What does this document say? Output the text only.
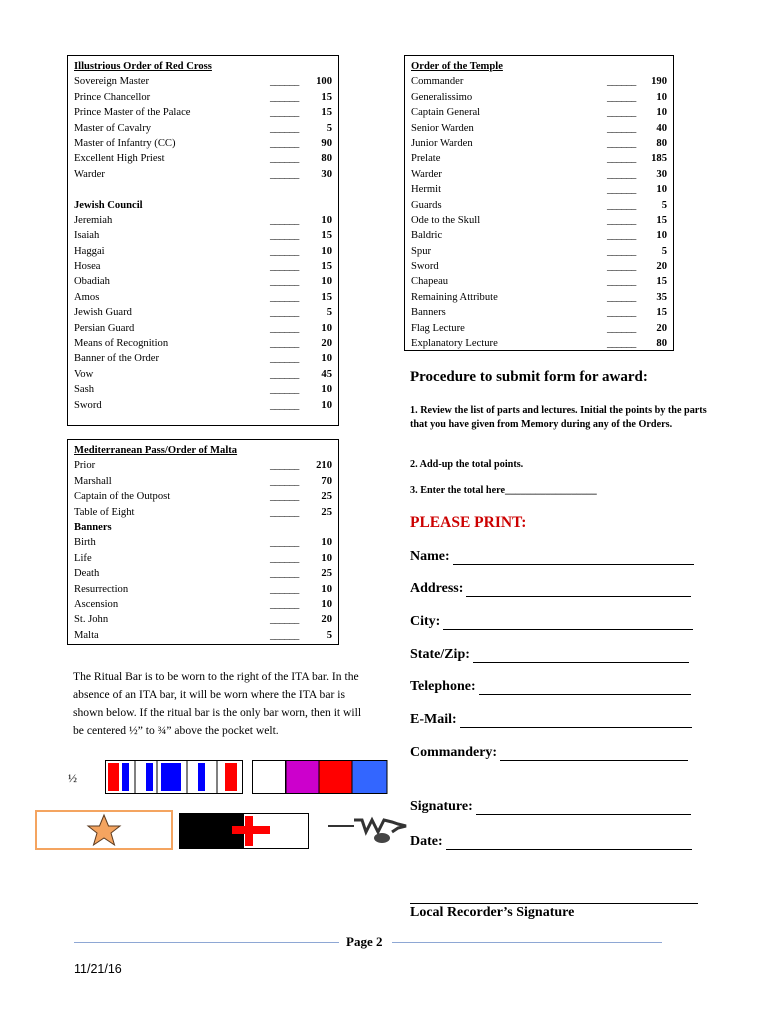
Illustrious Order of Red Cross
Sovereign Master	______	100
Prince Chancellor	______	15
Prince Master of the Palace	______	15
Master of Cavalry	______	5
Master of Infantry (CC)	______	90
Excellent High Priest	______	80
Warder	______	30
Jewish Council
Jeremiah	______	10
Isaiah	______	15
Haggai	______	10
Hosea	______	15
Obadiah	______	10
Amos	______	15
Jewish Guard	______	5
Persian Guard	______	10
Means of Recognition	______	20
Banner of the Order	______	10
Vow	______	45
Sash	______	10
Sword	______	10
Mediterranean Pass/Order of Malta
Prior	______	210
Marshall	______	70
Captain of the Outpost	______	25
Table of Eight	______	25
Banners
Birth	______	10
Life	______	10
Death	______	25
Resurrection	______	10
Ascension	______	10
St. John	______	20
Malta	______	5
Order of the Temple
Commander	______	190
Generalissimo	______	10
Captain General	______	10
Senior Warden	______	40
Junior Warden	______	80
Prelate	______	185
Warder	______	30
Hermit	______	10
Guards	______	5
Ode to the Skull	______	15
Baldric	______	10
Spur	______	5
Sword	______	20
Chapeau	______	15
Remaining Attribute	______	35
Banners	______	15
Flag Lecture	______	20
Explanatory Lecture	______	80
The Ritual Bar is to be worn to the right of the ITA bar. In the absence of an ITA bar, it will be worn where the ITA bar is shown below. If the ritual bar is the only bar worn, then it will be centered ½” to ¾” above the pocket welt.
½
Procedure to submit form for award:
1. Review the list of parts and lectures. Initial the points by the parts that you have given from Memory during any of the Orders.
2. Add-up the total points.
3. Enter the total here__________________
PLEASE PRINT:
Name:
Address:
City:
State/Zip:
Telephone:
E-Mail:
Commandery:
Signature:
Date:
Local Recorder’s Signature
Page 2
11/21/16
